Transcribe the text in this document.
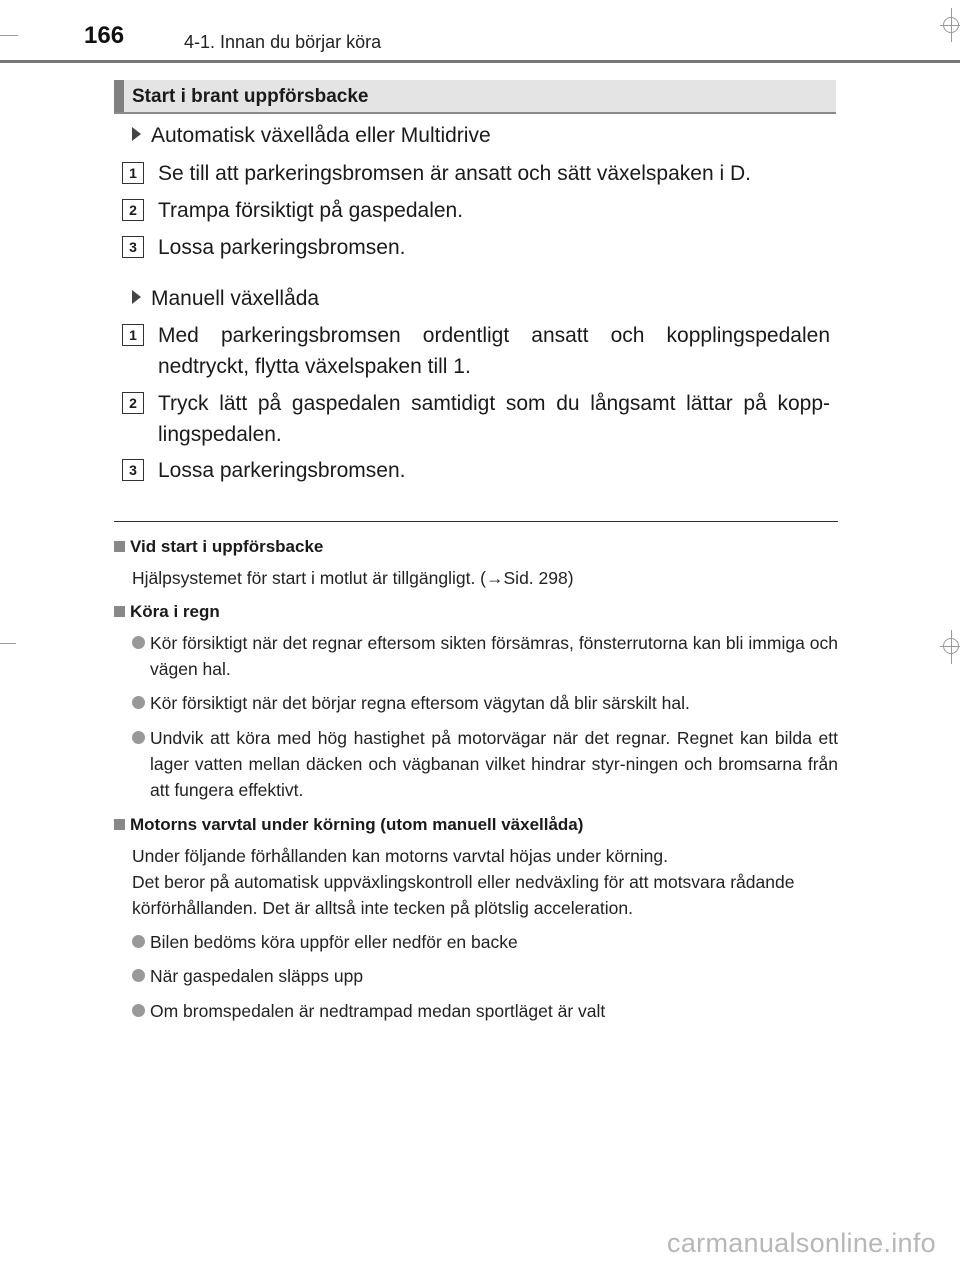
166	4-1. Innan du börjar köra
Start i brant uppförsbacke
Automatisk växellåda eller Multidrive
1	Se till att parkeringsbromsen är ansatt och sätt växelspaken i D.
2	Trampa försiktigt på gaspedalen.
3	Lossa parkeringsbromsen.
Manuell växellåda
1	Med parkeringsbromsen ordentligt ansatt och kopplingspedalen nedtryckt, flytta växelspaken till 1.
2	Tryck lätt på gaspedalen samtidigt som du långsamt lättar på kopp-lingspedalen.
3	Lossa parkeringsbromsen.
Vid start i uppförsbacke
Hjälpsystemet för start i motlut är tillgängligt. (→Sid. 298)
Köra i regn
Kör försiktigt när det regnar eftersom sikten försämras, fönsterrutorna kan bli immiga och vägen hal.
Kör försiktigt när det börjar regna eftersom vägytan då blir särskilt hal.
Undvik att köra med hög hastighet på motorvägar när det regnar. Regnet kan bilda ett lager vatten mellan däcken och vägbanan vilket hindrar styr-ningen och bromsarna från att fungera effektivt.
Motorns varvtal under körning (utom manuell växellåda)
Under följande förhållanden kan motorns varvtal höjas under körning.
Det beror på automatisk uppväxlingskontroll eller nedväxling för att motsvara rådande körförhållanden. Det är alltså inte tecken på plötslig acceleration.
Bilen bedöms köra uppför eller nedför en backe
När gaspedalen släpps upp
Om bromspedalen är nedtrampad medan sportläget är valt
carmanualsonline.info
